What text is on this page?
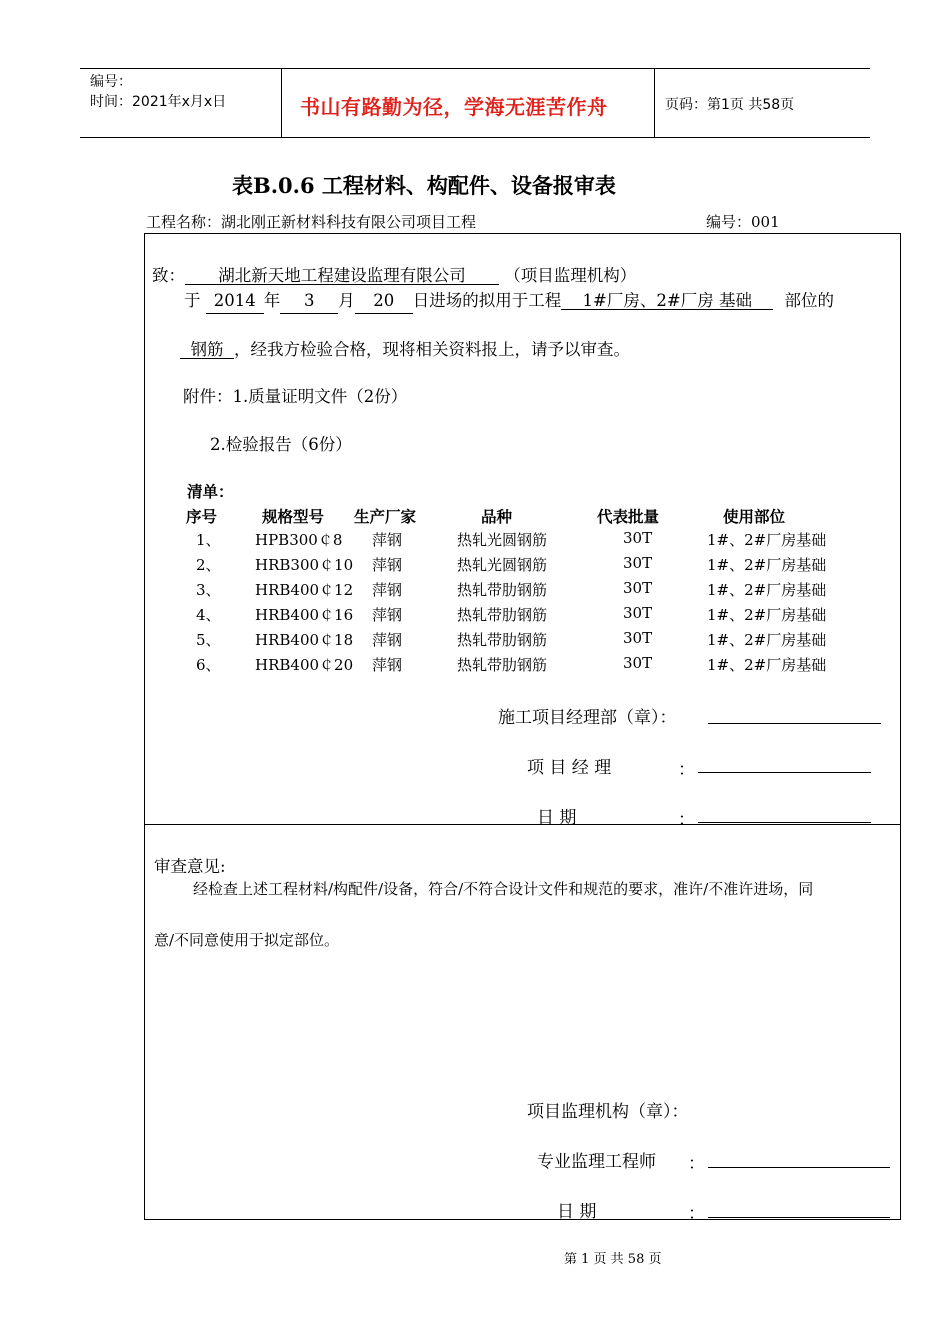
编号：
时间：2021年x月x日	书山有路勤为径，学海无涯苦作舟	页码：第1页 共58页
表B.0.6 工程材料、构配件、设备报审表
工程名称：湖北刚正新材料科技有限公司项目工程	编号：001
致： 湖北新天地工程建设监理有限公司 （项目监理机构）
于 2014 年 3 月 20 日进场的拟用于工程 1#厂房、2#厂房 基础 部位的
钢筋 ，经我方检验合格，现将相关资料报上，请予以审查。
附件：1.质量证明文件（2份）
2.检验报告（6份）
清单：
序号	规格型号 生产厂家	品种	代表批量	使用部位
1、 HPB300￠8 萍钢	热轧光圆钢筋	30T	1#、2#厂房基础
2、 HRB300￠10 萍钢	热轧光圆钢筋	30T	1#、2#厂房基础
3、 HRB400￠12 萍钢	热轧带肋钢筋	30T	1#、2#厂房基础
4、 HRB400￠16 萍钢	热轧带肋钢筋	30T	1#、2#厂房基础
5、 HRB400￠18 萍钢	热轧带肋钢筋	30T	1#、2#厂房基础
6、 HRB400￠20 萍钢	热轧带肋钢筋	30T	1#、2#厂房基础
施工项目经理部（章）：
项 目 经 理	：
日 期	：
审查意见:
经检查上述工程材料/构配件/设备，符合/不符合设计文件和规范的要求，准许/不准许进场，同
意/不同意使用于拟定部位。
项目监理机构（章）：
专业监理工程师 ：
日 期	：
第 1 页 共 58 页
